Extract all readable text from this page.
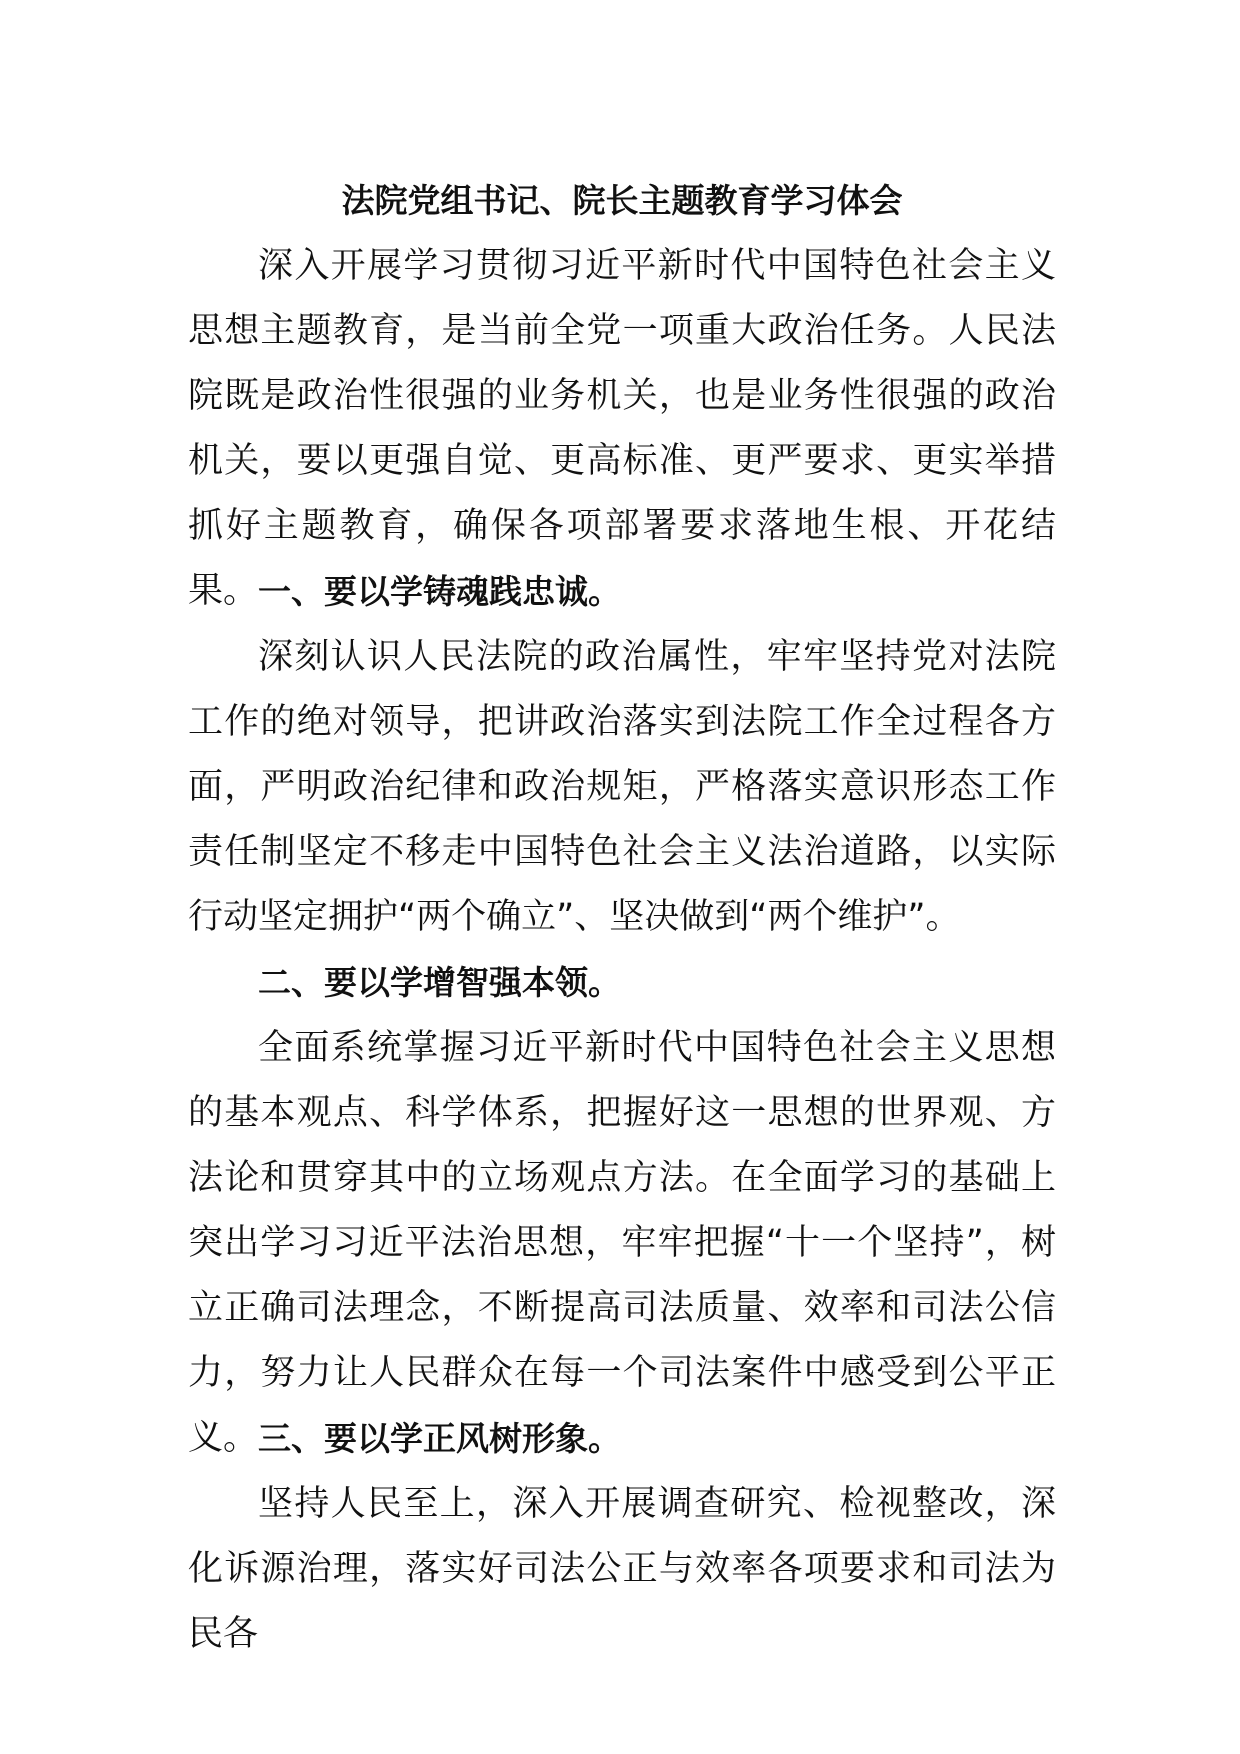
法院党组书记、院长主题教育学习体会

深入开展学习贯彻习近平新时代中国特色社会主义思想主题教育，是当前全党一项重大政治任务。人民法院既是政治性很强的业务机关，也是业务性很强的政治机关，要以更强自觉、更高标准、更严要求、更实举措抓好主题教育，确保各项部署要求落地生根、开花结果。 一、要以学铸魂践忠诚。

深刻认识人民法院的政治属性，牢牢坚持党对法院工作的绝对领导，把讲政治落实到法院工作全过程各方面，严明政治纪律和政治规矩，严格落实意识形态工作责任制坚定不移走中国特色社会主义法治道路，以实际行动坚定拥护“两个确立”、坚决做到“两个维护”。

二、要以学增智强本领。

全面系统掌握习近平新时代中国特色社会主义思想的基本观点、科学体系，把握好这一思想的世界观、方法论和贯穿其中的立场观点方法。在全面学习的基础上突出学习习近平法治思想，牢牢把握“十一个坚持”，树立正确司法理念，不断提高司法质量、效率和司法公信力，努力让人民群众在每一个司法案件中感受到公平正义。 三、要以学正风树形象。

坚持人民至上，深入开展调查研究、检视整改，深化诉源治理，落实好司法公正与效率各项要求和司法为民各
